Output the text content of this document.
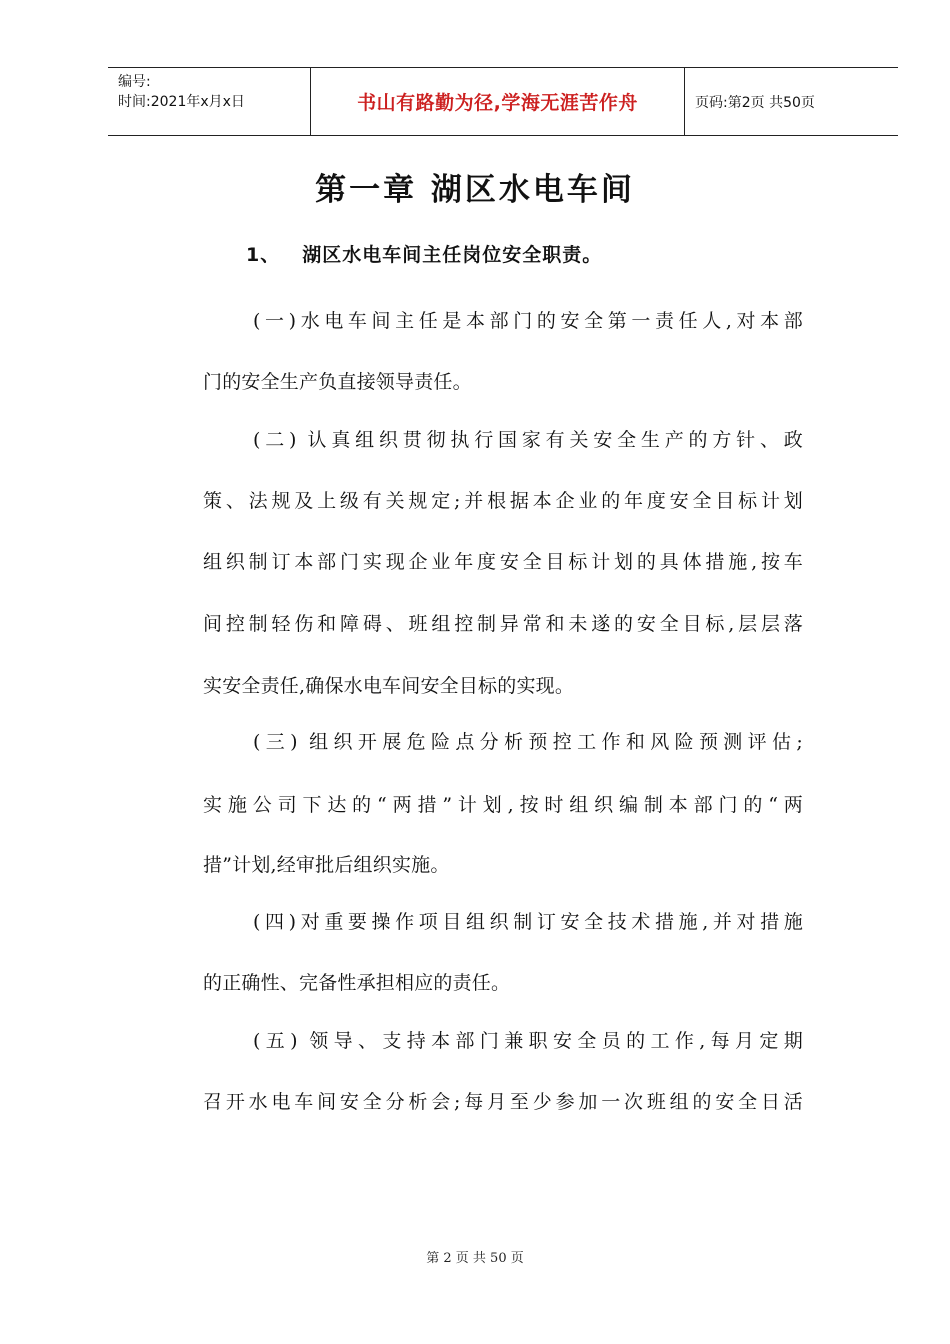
编号:
时间:2021年x月x日	书山有路勤为径,学海无涯苦作舟	页码:第2页 共50页
第一章 湖区水电车间
1、 湖区水电车间主任岗位安全职责。
(一)水电车间主任是本部门的安全第一责任人,对本部
门的安全生产负直接领导责任。
(二) 认真组织贯彻执行国家有关安全生产的方针、政
策、法规及上级有关规定;并根据本企业的年度安全目标计划
组织制订本部门实现企业年度安全目标计划的具体措施,按车
间控制轻伤和障碍、班组控制异常和未遂的安全目标,层层落
实安全责任,确保水电车间安全目标的实现。
(三) 组织开展危险点分析预控工作和风险预测评估;
实施公司下达的“两措”计划,按时组织编制本部门的“两
措”计划,经审批后组织实施。
(四)对重要操作项目组织制订安全技术措施,并对措施
的正确性、完备性承担相应的责任。
(五) 领导、支持本部门兼职安全员的工作,每月定期
召开水电车间安全分析会;每月至少参加一次班组的安全日活
第 2 页 共 50 页
